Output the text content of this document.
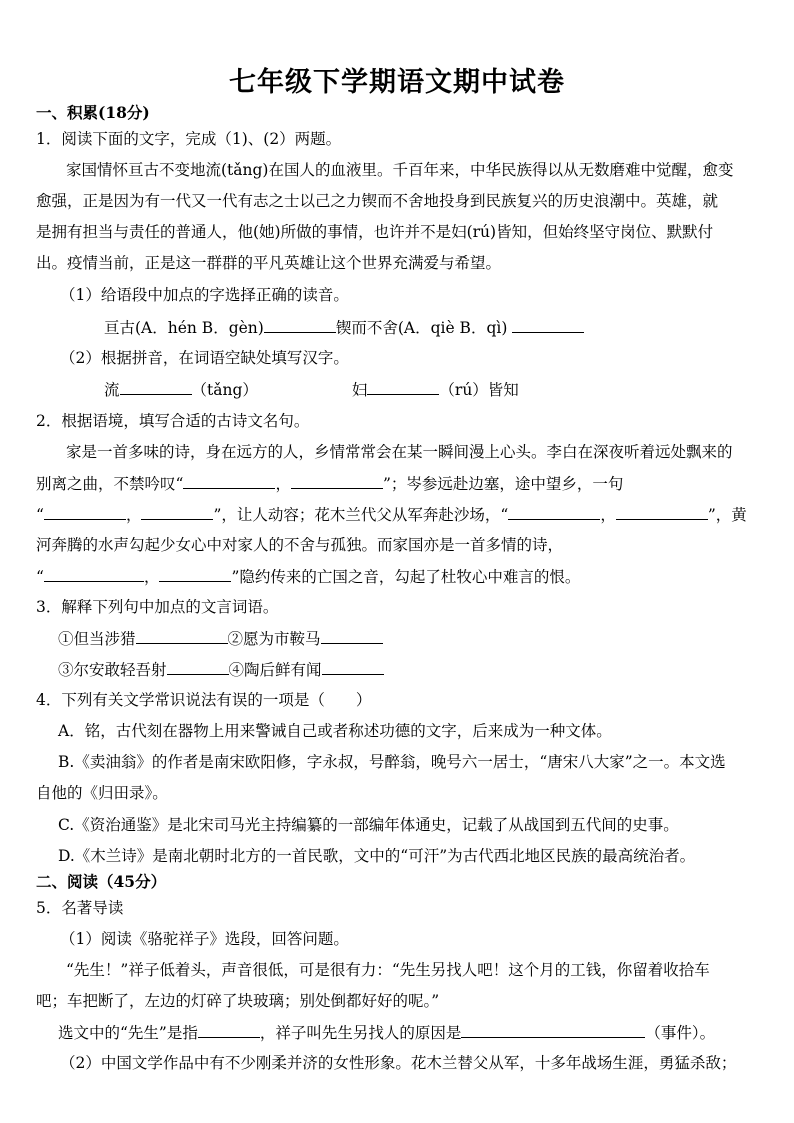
七年级下学期语文期中试卷
一、积累(18分)
1．阅读下面的文字，完成（1)、(2）两题。
家国情怀亘古不变地流(tǎng)在国人的血液里。千百年来，中华民族得以从无数磨难中觉醒，愈变
愈强，正是因为有一代又一代有志之士以己之力锲而不舍地投身到民族复兴的历史浪潮中。英雄，就
是拥有担当与责任的普通人，他(她)所做的事情，也许并不是妇(rú)皆知，但始终坚守岗位、默默付
出。疫情当前，正是这一群群的平凡英雄让这个世界充满爱与希望。
（1）给语段中加点的字选择正确的读音。
亘古(A．hén B．gèn)	锲而不舍(A．qiè B．qì)
（2）根据拼音，在词语空缺处填写汉字。
流	（tǎng）	妇	（rú）皆知
2．根据语境，填写合适的古诗文名句。
家是一首多味的诗，身在远方的人，乡情常常会在某一瞬间漫上心头。李白在深夜听着远处飘来的
别离之曲，不禁吟叹“	，	”；岑参远赴边塞，途中望乡，一句
“	，	”，让人动容；花木兰代父从军奔赴沙场，“	，	”，黄
河奔腾的水声勾起少女心中对家人的不舍与孤独。而家国亦是一首多情的诗，
“	，	”隐约传来的亡国之音，勾起了杜牧心中难言的恨。
3．解释下列句中加点的文言词语。
①但当涉猎	②愿为市鞍马
③尔安敢轻吾射	④陶后鲜有闻
4．下列有关文学常识说法有误的一项是（　　）
A．铭，古代刻在器物上用来警诫自己或者称述功德的文字，后来成为一种文体。
B.《卖油翁》的作者是南宋欧阳修，字永叔，号醉翁，晚号六一居士，“唐宋八大家”之一。本文选
自他的《归田录》。
C.《资治通鉴》是北宋司马光主持编纂的一部编年体通史，记载了从战国到五代间的史事。
D.《木兰诗》是南北朝时北方的一首民歌，文中的“可汗”为古代西北地区民族的最高统治者。
二、阅读（45分）
5．名著导读
（1）阅读《骆驼祥子》选段，回答问题。
“先生！”祥子低着头，声音很低，可是很有力：“先生另找人吧！这个月的工钱，你留着收拾车
吧；车把断了，左边的灯碎了块玻璃；别处倒都好好的呢。”
选文中的“先生”是指	，祥子叫先生另找人的原因是	（事件）。
（2）中国文学作品中有不少刚柔并济的女性形象。花木兰替父从军，十多年战场生涯，勇猛杀敌；
